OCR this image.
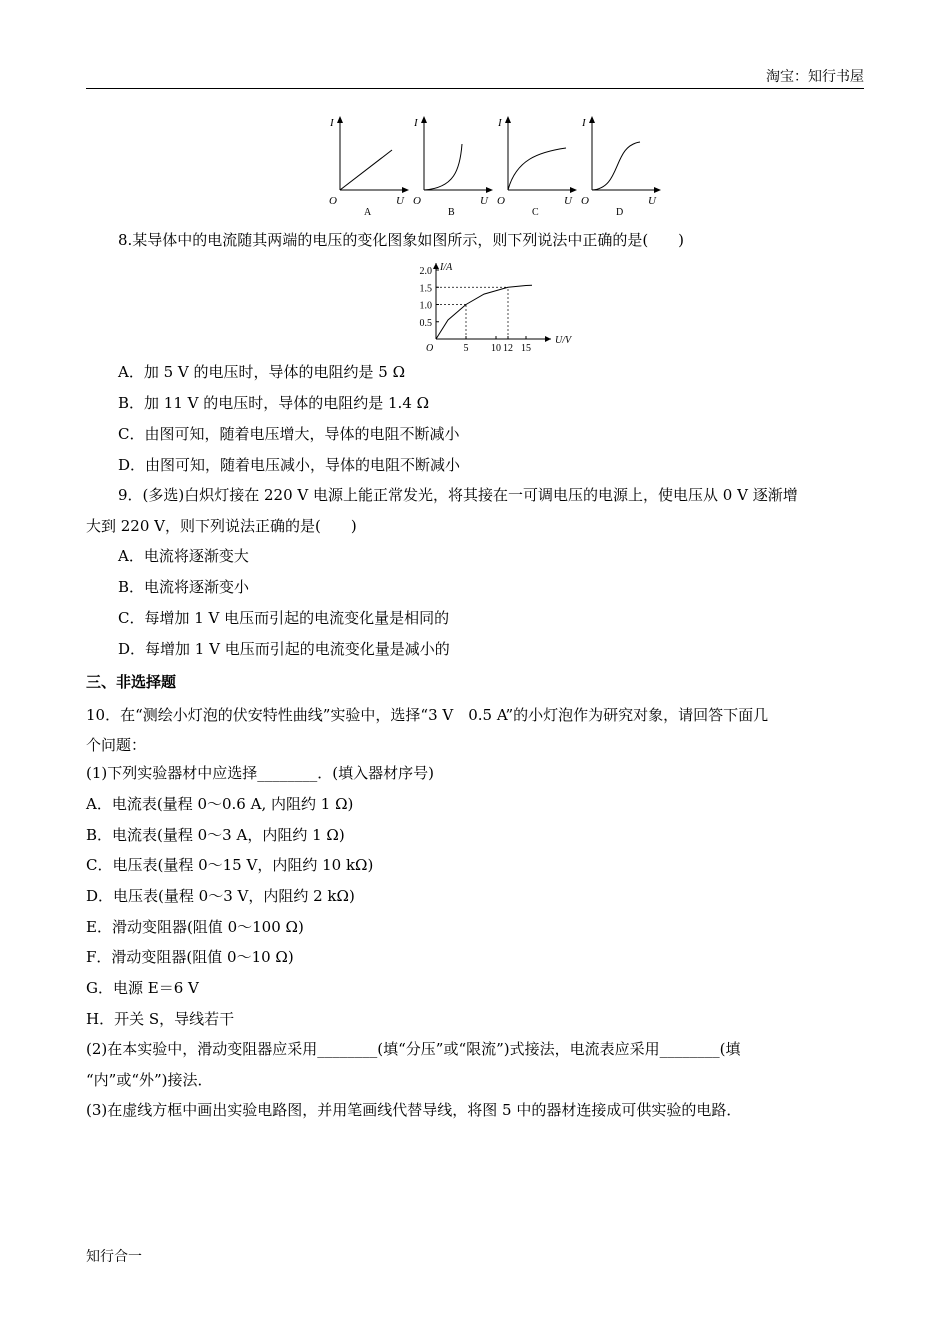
淘宝：知行书屋
I
O	U
A
I
O	U
B
I
O	U
C
I
O	U
D
8.某导体中的电流随其两端的电压的变化图象如图所示，则下列说法中正确的是(　　)
I/A
U/V
O
0.5
1.0
1.5
2.0
5 10 12 15
A．加 5 V 的电压时，导体的电阻约是 5 Ω
B．加 11 V 的电压时，导体的电阻约是 1.4 Ω
C．由图可知，随着电压增大，导体的电阻不断减小
D．由图可知，随着电压减小，导体的电阻不断减小
9．(多选)白炽灯接在 220 V 电源上能正常发光，将其接在一可调电压的电源上，使电压从 0 V 逐渐增
大到 220 V，则下列说法正确的是(　　)
A．电流将逐渐变大
B．电流将逐渐变小
C．每增加 1 V 电压而引起的电流变化量是相同的
D．每增加 1 V 电压而引起的电流变化量是减小的
三、非选择题
10．在“测绘小灯泡的伏安特性曲线”实验中，选择“3 V　0.5 A”的小灯泡作为研究对象，请回答下面几
个问题：
(1)下列实验器材中应选择________．(填入器材序号)
A．电流表(量程 0～0.6 A, 内阻约 1 Ω)
B．电流表(量程 0～3 A，内阻约 1 Ω)
C．电压表(量程 0～15 V，内阻约 10 kΩ)
D．电压表(量程 0～3 V，内阻约 2 kΩ)
E．滑动变阻器(阻值 0～100 Ω)
F．滑动变阻器(阻值 0～10 Ω)
G．电源 E＝6 V
H．开关 S，导线若干
(2)在本实验中，滑动变阻器应采用________(填“分压”或“限流”)式接法，电流表应采用________(填
“内”或“外”)接法．
(3)在虚线方框中画出实验电路图，并用笔画线代替导线，将图 5 中的器材连接成可供实验的电路．
知行合一
